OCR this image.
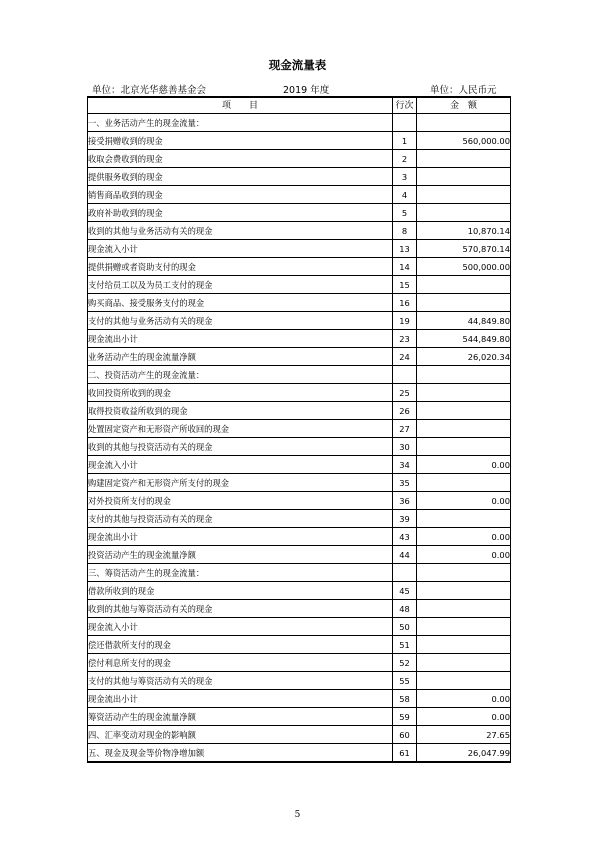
现金流量表
单位：北京光华慈善基金会	2019 年度	单位：人民币元
项　　目	行次	金　额
一、业务活动产生的现金流量：		
接受捐赠收到的现金	1	560,000.00
收取会费收到的现金	2	
提供服务收到的现金	3	
销售商品收到的现金	4	
政府补助收到的现金	5	
收到的其他与业务活动有关的现金	8	10,870.14
现金流入小计	13	570,870.14
提供捐赠或者资助支付的现金	14	500,000.00
支付给员工以及为员工支付的现金	15	
购买商品、接受服务支付的现金	16	
支付的其他与业务活动有关的现金	19	44,849.80
现金流出小计	23	544,849.80
业务活动产生的现金流量净额	24	26,020.34
二、投资活动产生的现金流量：		
收回投资所收到的现金	25	
取得投资收益所收到的现金	26	
处置固定资产和无形资产所收回的现金	27	
收到的其他与投资活动有关的现金	30	
现金流入小计	34	0.00
购建固定资产和无形资产所支付的现金	35	
对外投资所支付的现金	36	0.00
支付的其他与投资活动有关的现金	39	
现金流出小计	43	0.00
投资活动产生的现金流量净额	44	0.00
三、筹资活动产生的现金流量：		
借款所收到的现金	45	
收到的其他与筹资活动有关的现金	48	
现金流入小计	50	
偿还借款所支付的现金	51	
偿付利息所支付的现金	52	
支付的其他与筹资活动有关的现金	55	
现金流出小计	58	0.00
筹资活动产生的现金流量净额	59	0.00
四、汇率变动对现金的影响额	60	27.65
五、现金及现金等价物净增加额	61	26,047.99
5
